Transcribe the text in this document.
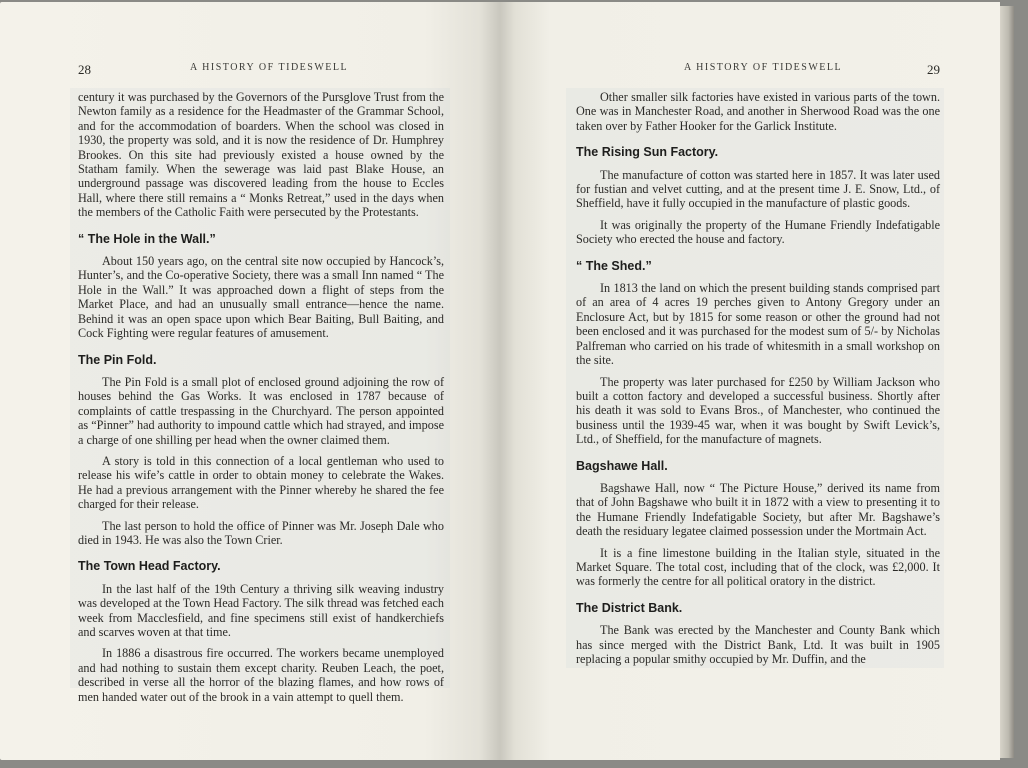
28	A HISTORY OF TIDESWELL

century it was purchased by the Governors of the Pursglove Trust from the Newton family as a residence for the Headmaster of the Grammar School, and for the accommodation of boarders. When the school was closed in 1930, the property was sold, and it is now the residence of Dr. Humphrey Brookes. On this site had previously existed a house owned by the Statham family. When the sewerage was laid past Blake House, an underground passage was discovered leading from the house to Eccles Hall, where there still remains a “ Monks Retreat,” used in the days when the members of the Catholic Faith were persecuted by the Protestants.

“ The Hole in the Wall.”

About 150 years ago, on the central site now occupied by Hancock’s, Hunter’s, and the Co-operative Society, there was a small Inn named “ The Hole in the Wall.” It was approached down a flight of steps from the Market Place, and had an unusually small entrance—hence the name. Behind it was an open space upon which Bear Baiting, Bull Baiting, and Cock Fighting were regular features of amusement.

The Pin Fold.

The Pin Fold is a small plot of enclosed ground adjoining the row of houses behind the Gas Works. It was enclosed in 1787 because of complaints of cattle trespassing in the Churchyard. The person appointed as “Pinner” had authority to impound cattle which had strayed, and impose a charge of one shilling per head when the owner claimed them.

A story is told in this connection of a local gentleman who used to release his wife’s cattle in order to obtain money to celebrate the Wakes. He had a previous arrangement with the Pinner whereby he shared the fee charged for their release.

The last person to hold the office of Pinner was Mr. Joseph Dale who died in 1943. He was also the Town Crier.

The Town Head Factory.

In the last half of the 19th Century a thriving silk weaving industry was developed at the Town Head Factory. The silk thread was fetched each week from Macclesfield, and fine specimens still exist of handkerchiefs and scarves woven at that time.

In 1886 a disastrous fire occurred. The workers became unemployed and had nothing to sustain them except charity. Reuben Leach, the poet, described in verse all the horror of the blazing flames, and how rows of men handed water out of the brook in a vain attempt to quell them.

A HISTORY OF TIDESWELL	29

Other smaller silk factories have existed in various parts of the town. One was in Manchester Road, and another in Sherwood Road was the one taken over by Father Hooker for the Garlick Institute.

The Rising Sun Factory.

The manufacture of cotton was started here in 1857. It was later used for fustian and velvet cutting, and at the present time J. E. Snow, Ltd., of Sheffield, have it fully occupied in the manufacture of plastic goods.

It was originally the property of the Humane Friendly Indefatigable Society who erected the house and factory.

“ The Shed.”

In 1813 the land on which the present building stands comprised part of an area of 4 acres 19 perches given to Antony Gregory under an Enclosure Act, but by 1815 for some reason or other the ground had not been enclosed and it was purchased for the modest sum of 5/- by Nicholas Palfreman who carried on his trade of whitesmith in a small workshop on the site.

The property was later purchased for £250 by William Jackson who built a cotton factory and developed a successful business. Shortly after his death it was sold to Evans Bros., of Manchester, who continued the business until the 1939-45 war, when it was bought by Swift Levick’s, Ltd., of Sheffield, for the manufacture of magnets.

Bagshawe Hall.

Bagshawe Hall, now “ The Picture House,” derived its name from that of John Bagshawe who built it in 1872 with a view to presenting it to the Humane Friendly Indefatigable Society, but after Mr. Bagshawe’s death the residuary legatee claimed possession under the Mortmain Act.

It is a fine limestone building in the Italian style, situated in the Market Square. The total cost, including that of the clock, was £2,000. It was formerly the centre for all political oratory in the district.

The District Bank.

The Bank was erected by the Manchester and County Bank which has since merged with the District Bank, Ltd. It was built in 1905 replacing a popular smithy occupied by Mr. Duffin, and the
